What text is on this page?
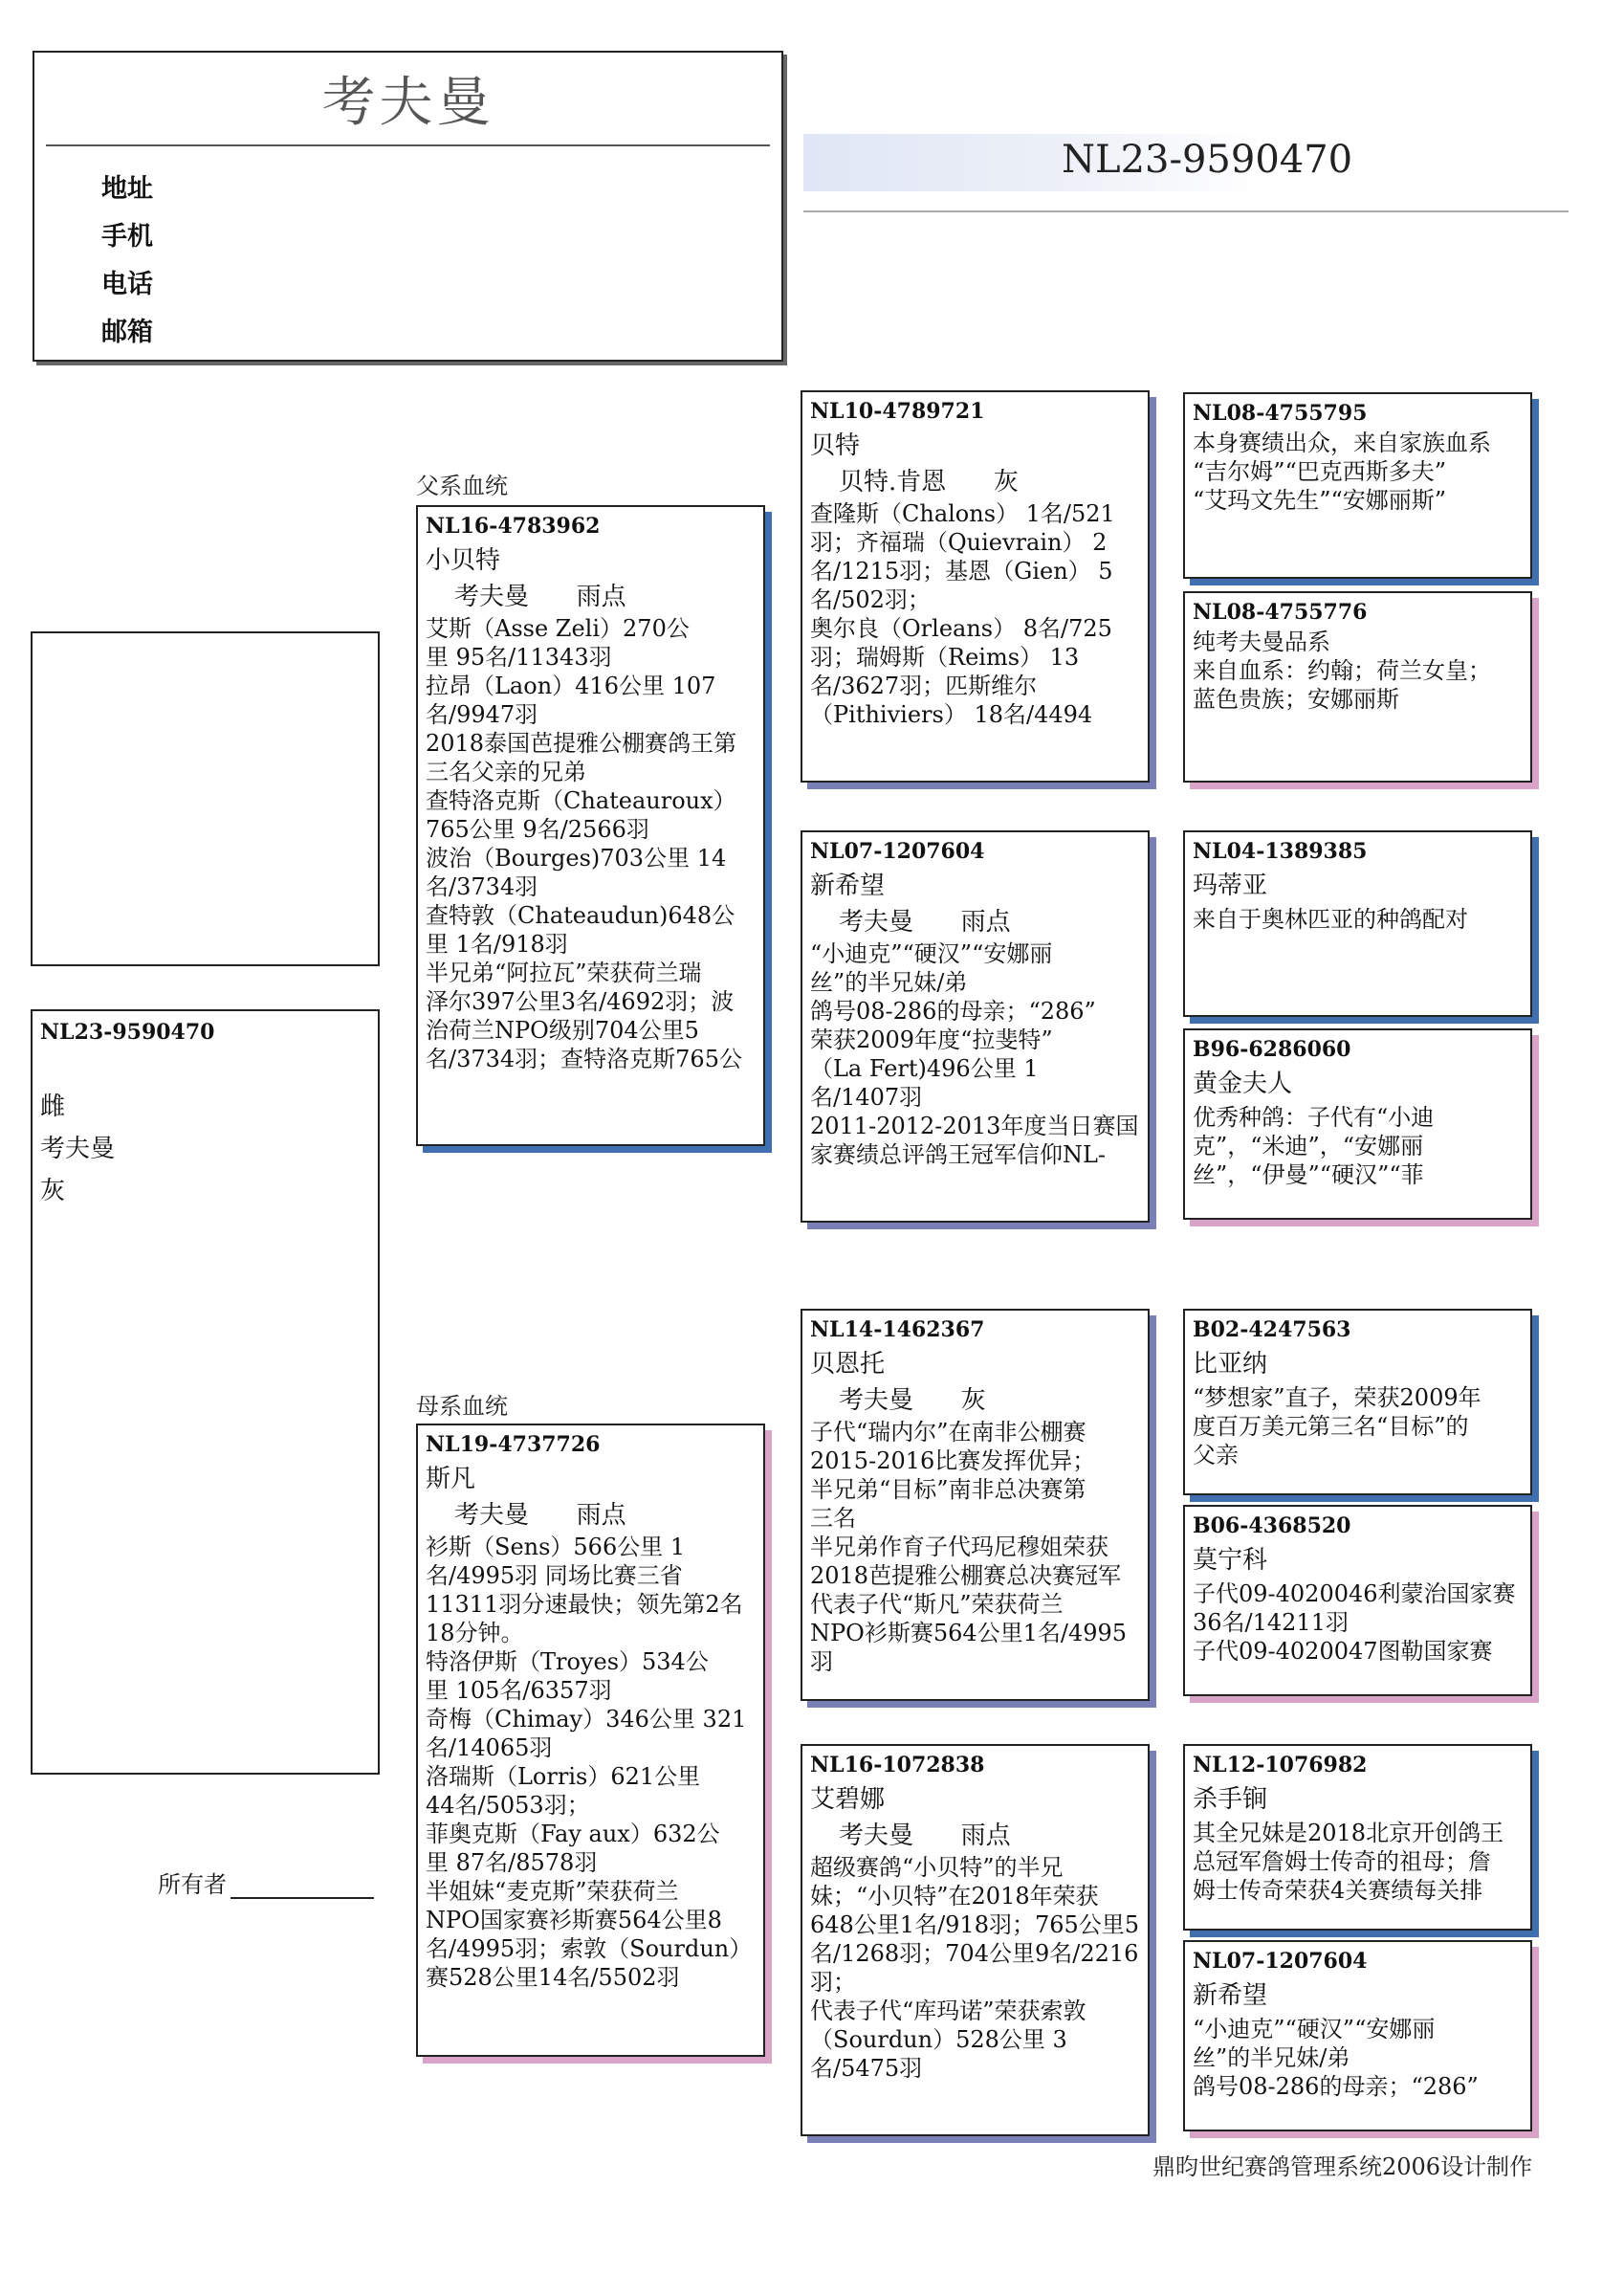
考夫曼
地址
手机
电话
邮箱
NL23-9590470
父系血统
母系血统
NL23-9590470
雌
考夫曼
灰
NL16-4783962
小贝特
考夫曼      雨点
艾斯（Asse Zeli）270公
里 95名/11343羽
拉昂（Laon）416公里 107
名/9947羽
2018泰国芭提雅公棚赛鸽王第
三名父亲的兄弟
查特洛克斯（Chateauroux）
765公里 9名/2566羽
波治（Bourges)703公里 14
名/3734羽
查特敦（Chateaudun)648公
里 1名/918羽
半兄弟“阿拉瓦”荣获荷兰瑞
泽尔397公里3名/4692羽；波
治荷兰NPO级别704公里5
名/3734羽；查特洛克斯765公
NL19-4737726
斯凡
考夫曼      雨点
衫斯（Sens）566公里 1
名/4995羽 同场比赛三省
11311羽分速最快；领先第2名
18分钟。
特洛伊斯（Troyes）534公
里 105名/6357羽
奇梅（Chimay）346公里 321
名/14065羽
洛瑞斯（Lorris）621公里
44名/5053羽；
菲奥克斯（Fay aux）632公
里 87名/8578羽
半姐妹“麦克斯”荣获荷兰
NPO国家赛衫斯赛564公里8
名/4995羽；索敦（Sourdun）
赛528公里14名/5502羽
NL10-4789721
贝特
贝特.肯恩      灰
查隆斯（Chalons） 1名/521
羽；齐福瑞（Quievrain） 2
名/1215羽；基恩（Gien） 5
名/502羽；
奥尔良（Orleans） 8名/725
羽；瑞姆斯（Reims） 13
名/3627羽；匹斯维尔
（Pithiviers） 18名/4494
NL07-1207604
新希望
考夫曼      雨点
“小迪克”“硬汉”“安娜丽
丝”的半兄妹/弟
鸽号08-286的母亲；“286”
荣获2009年度“拉斐特”
（La Fert)496公里 1
名/1407羽
2011-2012-2013年度当日赛国
家赛绩总评鸽王冠军信仰NL-
NL14-1462367
贝恩托
考夫曼      灰
子代“瑞内尔”在南非公棚赛
2015-2016比赛发挥优异；
半兄弟“目标”南非总决赛第
三名
半兄弟作育子代玛尼穆姐荣获
2018芭提雅公棚赛总决赛冠军
代表子代“斯凡”荣获荷兰
NPO衫斯赛564公里1名/4995羽
NL16-1072838
艾碧娜
考夫曼      雨点
超级赛鸽“小贝特”的半兄
妹；“小贝特”在2018年荣获
648公里1名/918羽；765公里5
名/1268羽；704公里9名/2216
羽；
代表子代“库玛诺”荣获索敦
（Sourdun）528公里 3
名/5475羽
NL08-4755795
本身赛绩出众，来自家族血系
“吉尔姆”“巴克西斯多夫”
“艾玛文先生”“安娜丽斯”
NL08-4755776
纯考夫曼品系
来自血系：约翰；荷兰女皇；
蓝色贵族；安娜丽斯
NL04-1389385
玛蒂亚
来自于奥林匹亚的种鸽配对
B96-6286060
黄金夫人
优秀种鸽：子代有“小迪
克”，“米迪”，“安娜丽
丝”，“伊曼”“硬汉”“菲
B02-4247563
比亚纳
“梦想家”直子，荣获2009年
度百万美元第三名“目标”的
父亲
B06-4368520
莫宁科
子代09-4020046利蒙治国家赛
36名/14211羽
子代09-4020047图勒国家赛
NL12-1076982
杀手锏
其全兄妹是2018北京开创鸽王
总冠军詹姆士传奇的祖母；詹
姆士传奇荣获4关赛绩每关排
NL07-1207604
新希望
“小迪克”“硬汉”“安娜丽
丝”的半兄妹/弟
鸽号08-286的母亲；“286”
所有者
鼎昀世纪赛鸽管理系统2006设计制作
